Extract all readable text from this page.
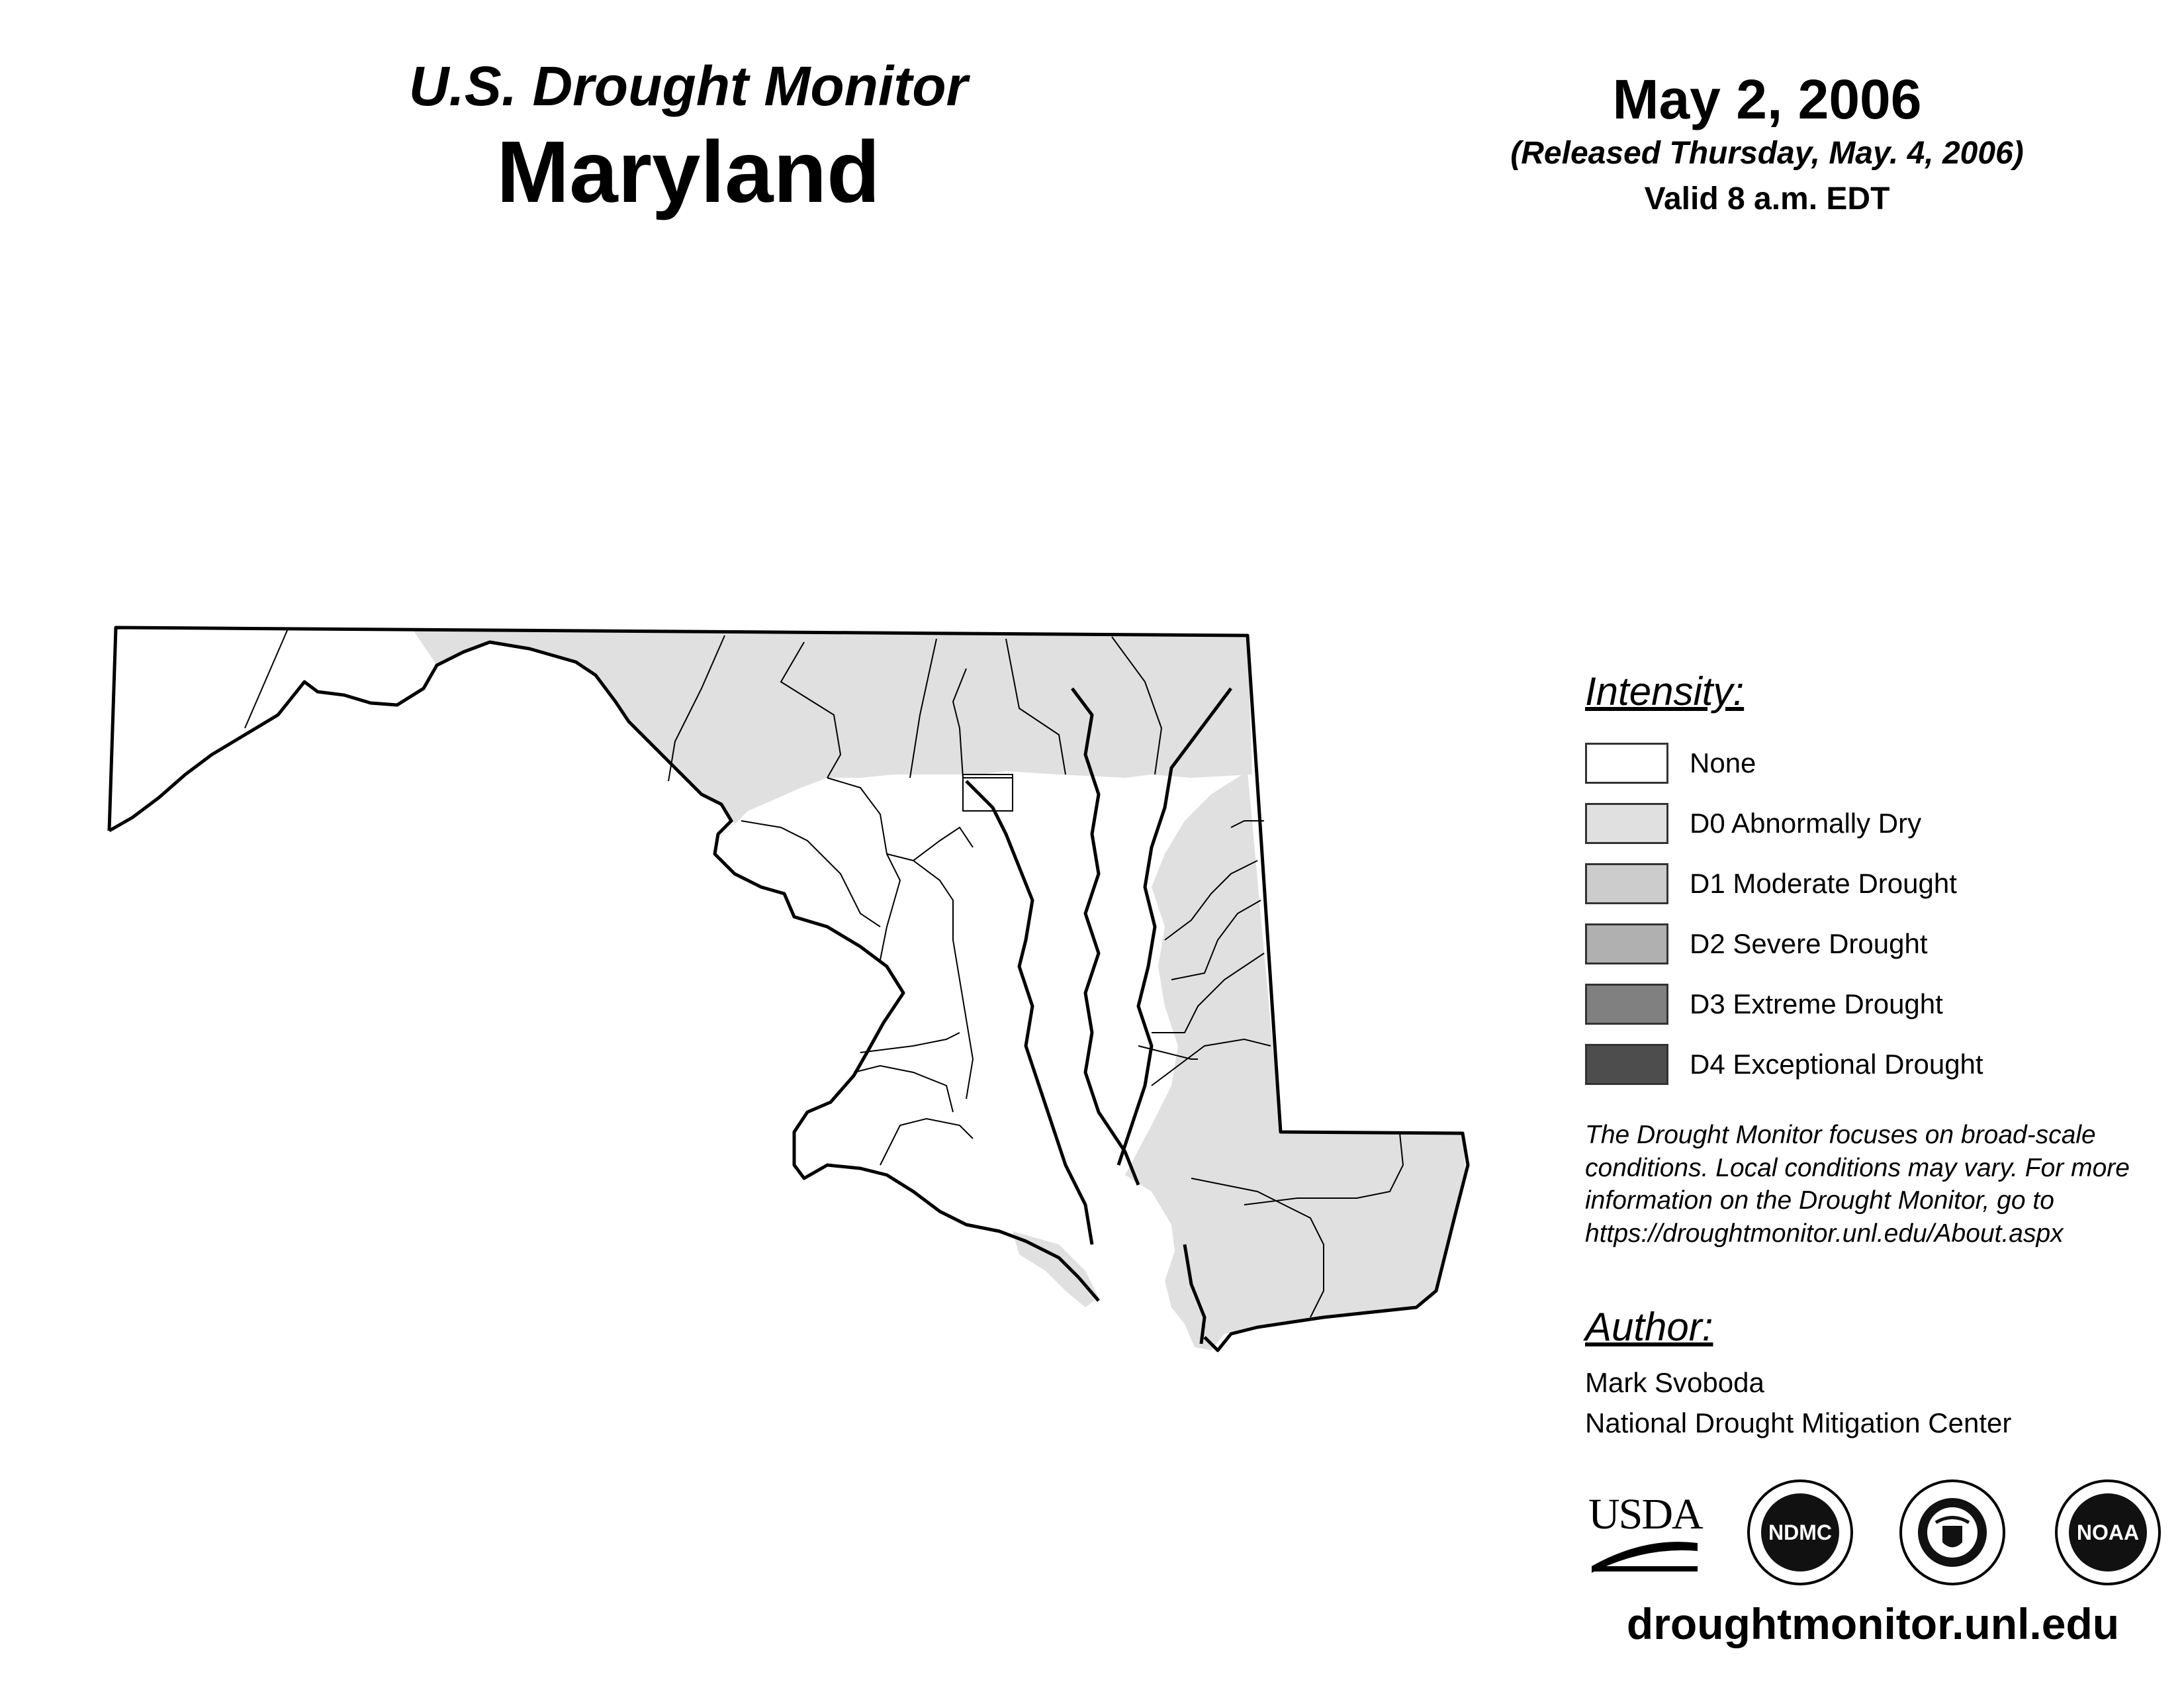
U.S. Drought Monitor
Maryland
May 2, 2006
(Released Thursday, May. 4, 2006)
Valid 8 a.m. EDT
Intensity:
None
D0 Abnormally Dry
D1 Moderate Drought
D2 Severe Drought
D3 Extreme Drought
D4 Exceptional Drought
The Drought Monitor focuses on broad-scale conditions. Local conditions may vary. For more information on the Drought Monitor, go to https://droughtmonitor.unl.edu/About.aspx
Author:
Mark Svoboda
National Drought Mitigation Center
USDA	NDMC	NOAA
droughtmonitor.unl.edu
